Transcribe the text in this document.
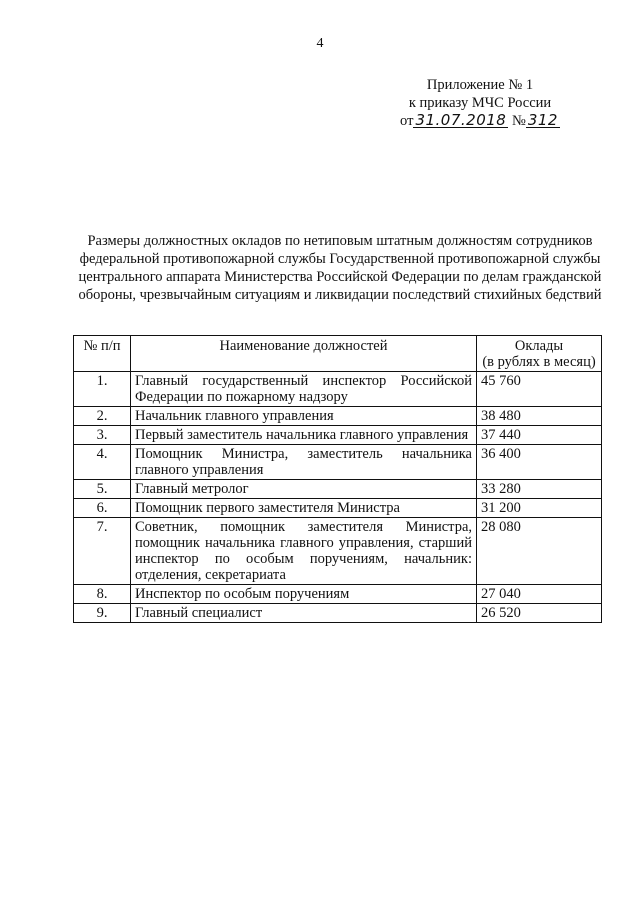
4
Приложение № 1
к приказу МЧС России
от 31.07.2018 № 312
Размеры должностных окладов по нетиповым штатным должностям сотрудников федеральной противопожарной службы Государственной противопожарной службы центрального аппарата Министерства Российской Федерации по делам гражданской обороны, чрезвычайным ситуациям и ликвидации последствий стихийных бедствий
№ п/п	Наименование должностей	Оклады
(в рублях в месяц)

1.	Главный государственный инспектор Российской Федерации по пожарному надзору	45 760
2.	Начальник главного управления	38 480
3.	Первый заместитель начальника главного управления	37 440
4.	Помощник Министра, заместитель начальника главного управления	36 400
5.	Главный метролог	33 280
6.	Помощник первого заместителя Министра	31 200
7.	Советник, помощник заместителя Министра, помощник начальника главного управления, старший инспектор по особым поручениям, начальник: отделения, секретариата	28 080
8.	Инспектор по особым поручениям	27 040
9.	Главный специалист	26 520
